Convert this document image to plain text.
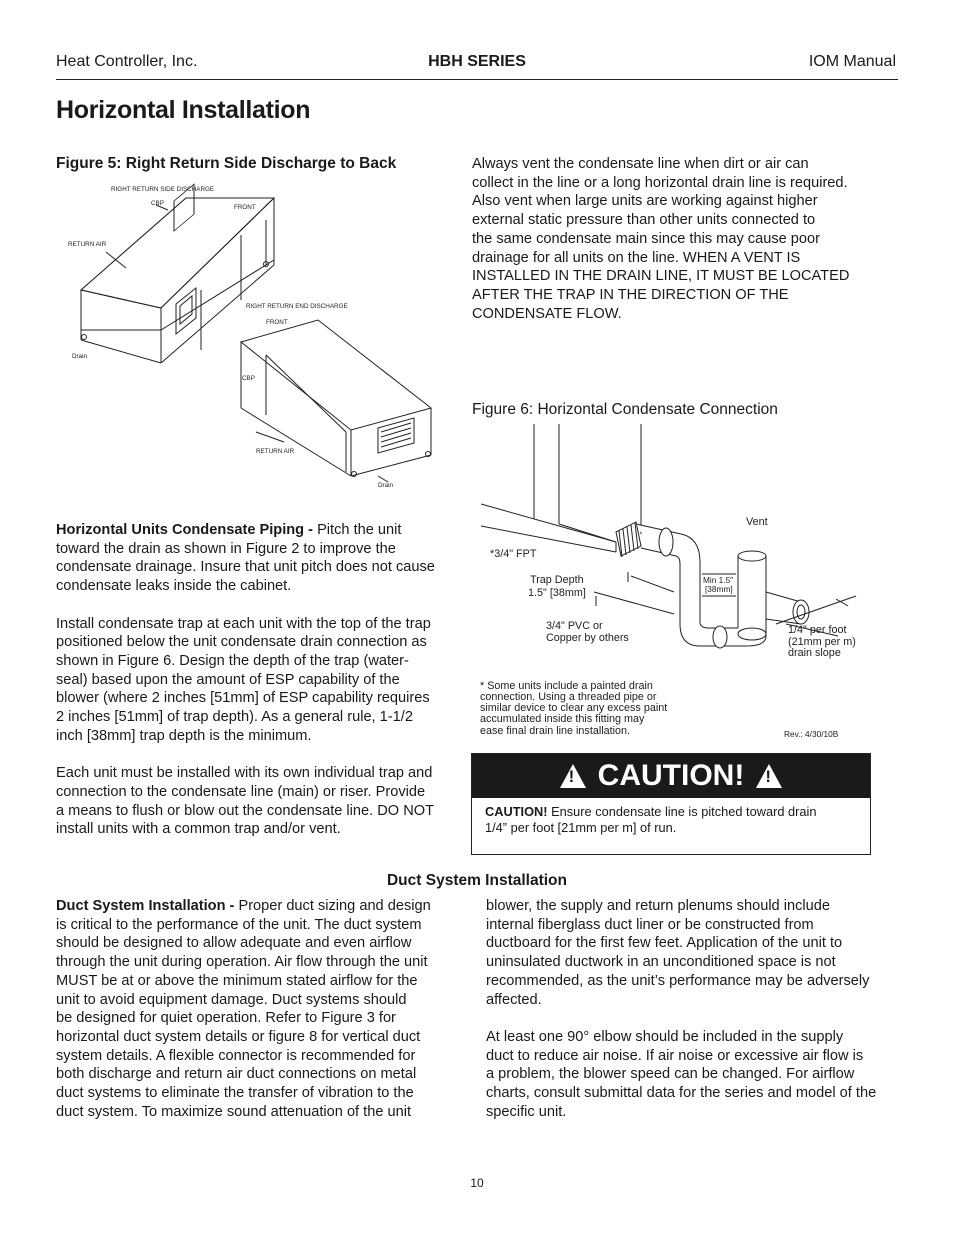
Heat Controller, Inc.	HBH SERIES	IOM Manual
Horizontal Installation
Figure 5: Right Return Side Discharge to Back
RIGHT RETURN SIDE DISCHARGE
CBP
FRONT
RETURN AIR
Drain
RIGHT RETURN END DISCHARGE
FRONT
CBP
RETURN AIR
Drain
Always vent the condensate line when dirt or air can
collect in the line or a long horizontal drain line is required.
Also vent when large units are working against higher
external static pressure than other units connected to
the same condensate main since this may cause poor
drainage for all units on the line. WHEN A VENT IS
INSTALLED IN THE DRAIN LINE, IT MUST BE LOCATED
AFTER THE TRAP IN THE DIRECTION OF THE
CONDENSATE FLOW.
Figure 6: Horizontal Condensate Connection
Vent
*3/4" FPT
Trap Depth
1.5" [38mm]
3/4" PVC or
Copper by others
1/4" per foot
(21mm per m)
drain slope
* Some units include a painted drain
connection. Using a threaded pipe or
similar device to clear any excess paint
accumulated inside this fitting may
ease final drain line installation.
Min 1.5"
[38mm]
Rev.: 4/30/10B
Horizontal Units Condensate Piping - Pitch the unit
toward the drain as shown in Figure 2 to improve the
condensate drainage. Insure that unit pitch does not cause
condensate leaks inside the cabinet.
Install condensate trap at each unit with the top of the trap
positioned below the unit condensate drain connection as
shown in Figure 6. Design the depth of the trap (water-
seal) based upon the amount of ESP capability of the
blower (where 2 inches [51mm] of ESP capability requires
2 inches [51mm] of trap depth). As a general rule, 1-1/2
inch [38mm] trap depth is the minimum.
Each unit must be installed with its own individual trap and
connection to the condensate line (main) or riser. Provide
a means to flush or blow out the condensate line. DO NOT
install units with a common trap and/or vent.
! CAUTION! !
CAUTION! Ensure condensate line is pitched toward drain
1/4” per foot [21mm per m] of run.
Duct System Installation
Duct System Installation - Proper duct sizing and design
is critical to the performance of the unit. The duct system
should be designed to allow adequate and even airflow
through the unit during operation. Air flow through the unit
MUST be at or above the minimum stated airflow for the
unit to avoid equipment damage. Duct systems should
be designed for quiet operation. Refer to Figure 3 for
horizontal duct system details or figure 8 for vertical duct
system details. A flexible connector is recommended for
both discharge and return air duct connections on metal
duct systems to eliminate the transfer of vibration to the
duct system. To maximize sound attenuation of the unit
blower, the supply and return plenums should include
internal fiberglass duct liner or be constructed from
ductboard for the first few feet. Application of the unit to
uninsulated ductwork in an unconditioned space is not
recommended, as the unit’s performance may be adversely
affected.
At least one 90° elbow should be included in the supply
duct to reduce air noise. If air noise or excessive air flow is
a problem, the blower speed can be changed. For airflow
charts, consult submittal data for the series and model of the
specific unit.
10
